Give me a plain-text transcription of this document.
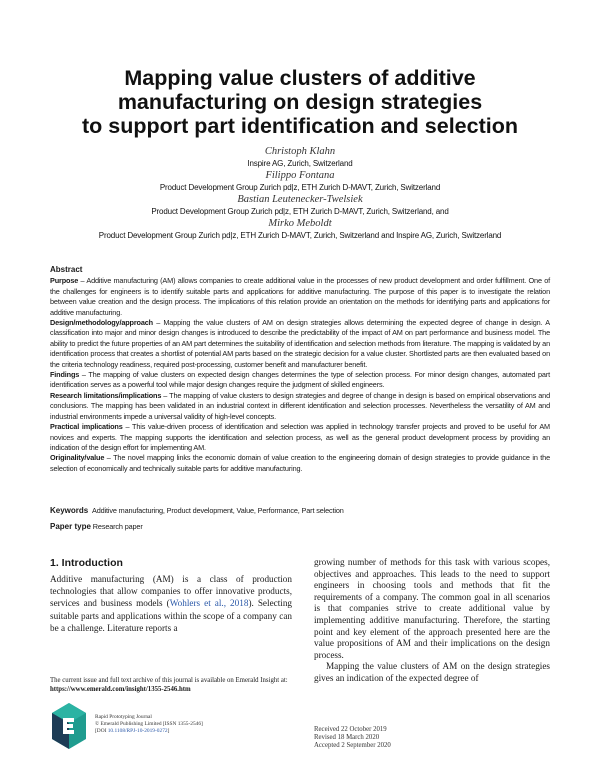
Mapping value clusters of additive
manufacturing on design strategies
to support part identification and selection
Christoph Klahn
Inspire AG, Zurich, Switzerland
Filippo Fontana
Product Development Group Zurich pd|z, ETH Zurich D-MAVT, Zurich, Switzerland
Bastian Leutenecker-Twelsiek
Product Development Group Zurich pd|z, ETH Zurich D-MAVT, Zurich, Switzerland, and
Mirko Meboldt
Product Development Group Zurich pd|z, ETH Zurich D-MAVT, Zurich, Switzerland and Inspire AG, Zurich, Switzerland
Abstract

Purpose – Additive manufacturing (AM) allows companies to create additional value in the processes of new product development and order fulfillment. One of the challenges for engineers is to identify suitable parts and applications for additive manufacturing. The purpose of this paper is to investigate the relation between value creation and the design process. The implications of this relation provide an orientation on the methods for identifying parts and applications for additive manufacturing.

Design/methodology/approach – Mapping the value clusters of AM on design strategies allows determining the expected degree of change in design. A classification into major and minor design changes is introduced to describe the predictability of the impact of AM on part performance and business model. The ability to predict the future properties of an AM part determines the suitability of identification and selection methods from literature. The mapping is validated by an identification process that creates a shortlist of potential AM parts based on the strategic decision for a value cluster. Shortlisted parts are then evaluated based on the criteria technology readiness, required post-processing, customer benefit and manufacturer benefit.

Findings – The mapping of value clusters on expected design changes determines the type of selection process. For minor design changes, automated part identification serves as a powerful tool while major design changes require the judgment of skilled engineers.

Research limitations/implications – The mapping of value clusters to design strategies and degree of change in design is based on empirical observations and conclusions. The mapping has been validated in an industrial context in different identification and selection processes. Nevertheless the versatility of AM and industrial environments impede a universal validity of high-level concepts.

Practical implications – This value-driven process of identification and selection was applied in technology transfer projects and proved to be useful for AM novices and experts. The mapping supports the identification and selection process, as well as the general product development process by providing an indication of the design effort for implementing AM.

Originality/value – The novel mapping links the economic domain of value creation to the engineering domain of design strategies to provide guidance in the selection of economically and technically suitable parts for additive manufacturing.

Keywords Additive manufacturing, Product development, Value, Performance, Part selection
Paper type Research paper
1. Introduction

Additive manufacturing (AM) is a class of production technologies that allow companies to offer innovative products, services and business models (Wohlers et al., 2018). Selecting suitable parts and applications within the scope of a company can be a challenge. Literature reports a

growing number of methods for this task with various scopes, objectives and approaches. This leads to the need to support engineers in choosing tools and methods that fit the requirements of a company. The common goal in all scenarios is that companies strive to create additional value by implementing additive manufacturing. Therefore, the starting point and key element of the approach presented here are the value propositions of AM and their implications on the design process.

Mapping the value clusters of AM on the design strategies gives an indication of the expected degree of

The current issue and full text archive of this journal is available on Emerald Insight at: https://www.emerald.com/insight/1355-2546.htm
Rapid Prototyping Journal
© Emerald Publishing Limited [ISSN 1355-2546]
[DOI 10.1108/RPJ-10-2019-0272]	Received 22 October 2019
Revised 18 March 2020
Accepted 2 September 2020
